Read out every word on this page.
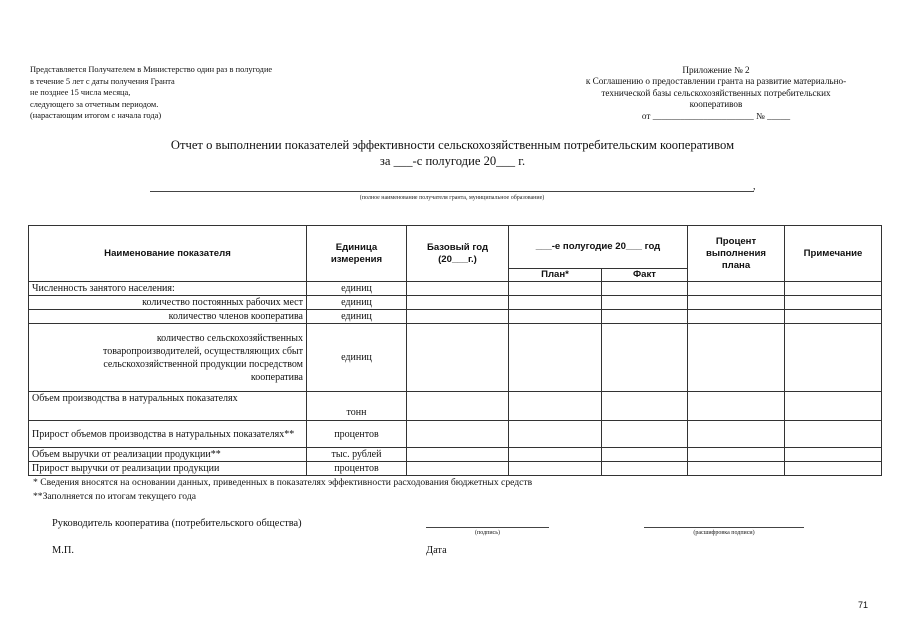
Представляется Получателем в Министерство один раз в полугодие
в течение 5 лет с даты получения Гранта
не позднее 15 числа месяца,
следующего за отчетным периодом.
(нарастающим итогом с начала года)
Приложение № 2
к Соглашению о предоставлении гранта на развитие материально-
технической базы сельскохозяйственных потребительских
кооперативов
от ______________________ № _____
Отчет о выполнении показателей эффективности сельскохозяйственным потребительским кооперативом
за ___-с полугодие 20___ г.
,
(полное наименование получателя гранта, муниципальное образование)
Наименование показателя	Единица измерения	Базовый год (20___г.)	___-е полугодие 20___ год		Процент выполнения плана	Примечание
			План*	Факт		
Численность занятого населения:	единиц					
количество постоянных рабочих мест	единиц					
количество членов кооператива	единиц					
количество сельскохозяйственных товаропроизводителей, осуществляющих сбыт сельскохозяйственной продукции посредством кооператива	единиц					
Объем производства в натуральных показателях	тонн					
Прирост объемов производства в натуральных показателях**	процентов					
Объем выручки от реализации продукции**	тыс. рублей					
Прирост выручки от реализации продукции	процентов					
* Сведения вносятся на основании данных, приведенных в показателях эффективности расходования бюджетных средств
**Заполняется по итогам текущего года
Руководитель кооператива (потребительского общества)
(подпись)	(расшифровка подписи)
М.П.	Дата
71
